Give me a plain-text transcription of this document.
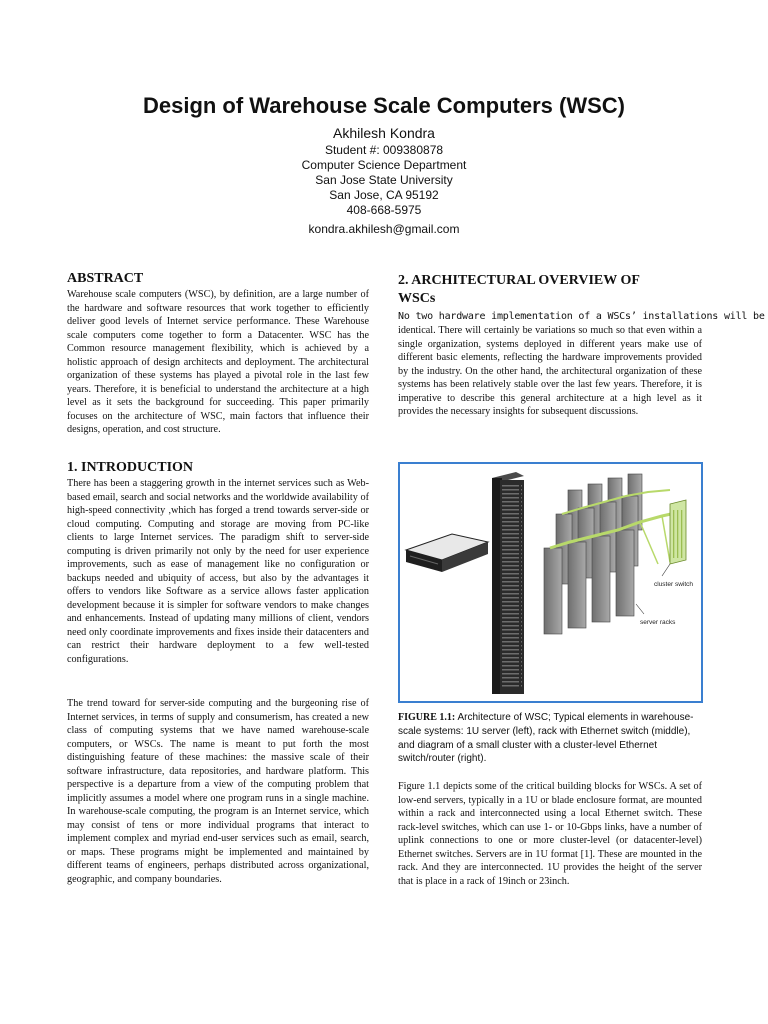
Design of Warehouse Scale Computers (WSC)
Akhilesh Kondra
Student #: 009380878
Computer Science Department
San Jose State University
San Jose, CA 95192
408-668-5975
kondra.akhilesh@gmail.com
ABSTRACT

Warehouse scale computers (WSC), by definition, are a large number of the hardware and software resources that work together to efficiently deliver good levels of Internet service performance. These Warehouse scale computers come together to form a Datacenter. WSC has the Common resource management flexibility, which is achieved by a holistic approach of design architects and deployment. The architectural organization of these systems has played a pivotal role in the last few years. Therefore, it is beneficial to understand the architecture at a high level as it sets the background for succeeding. This paper primarily focuses on the architecture of WSC, main factors that influence their designs, operation, and cost structure.

1. INTRODUCTION

There has been a staggering growth in the internet services such as Web-based email, search and social networks and the worldwide availability of high-speed connectivity ,which has forged a trend towards server-side or cloud computing. Computing and storage are moving from PC-like clients to large Internet services. The paradigm shift to server-side computing is driven primarily not only by the need for user experience improvements, such as ease of management like no configuration or backups needed and ubiquity of access, but also by the advantages it offers to vendors like Software as a service allows faster application development because it is simpler for software vendors to make changes and enhancements. Instead of updating many millions of client, vendors need only coordinate improvements and fixes inside their datacenters and can restrict their hardware deployment to a few well-tested configurations.

The trend toward for server-side computing and the burgeoning rise of Internet services, in terms of supply and consumerism, has created a new class of computing systems that we have named warehouse-scale computers, or WSCs. The name is meant to put forth the most distinguishing feature of these machines: the massive scale of their software infrastructure, data repositories, and hardware platform. This perspective is a departure from a view of the computing problem that implicitly assumes a model where one program runs in a single machine. In warehouse-scale computing, the program is an Internet service, which may consist of tens or more individual programs that interact to implement complex and myriad end-user services such as email, search, or maps. These programs might be implemented and maintained by different teams of engineers, perhaps distributed across organizational, geographic, and company boundaries.

2. ARCHITECTURAL OVERVIEW OF
WSCs
No two hardware implementation of a WSCs’ installations will be

identical. There will certainly be variations so much so that even within a single organization, systems deployed in different years make use of different basic elements, reflecting the hardware improvements provided by the industry. On the other hand, the architectural organization of these systems has been relatively stable over the last few years. Therefore, it is imperative to describe this general architecture at a high level as it provides the necessary insights for subsequent discussions.

cluster switch
server racks
FIGURE 1.1: Architecture of WSC; Typical elements in warehouse-scale systems: 1U server (left), rack with Ethernet switch (middle), and diagram of a small cluster with a cluster-level Ethernet switch/router (right).

Figure 1.1 depicts some of the critical building blocks for WSCs. A set of low-end servers, typically in a 1U or blade enclosure format, are mounted within a rack and interconnected using a local Ethernet switch. These rack-level switches, which can use 1- or 10-Gbps links, have a number of uplink connections to one or more cluster-level (or datacenter-level) Ethernet switches. Servers are in 1U format [1]. These are mounted in the rack. And they are interconnected. 1U provides the height of the server that is place in a rack of 19inch or 23inch.
